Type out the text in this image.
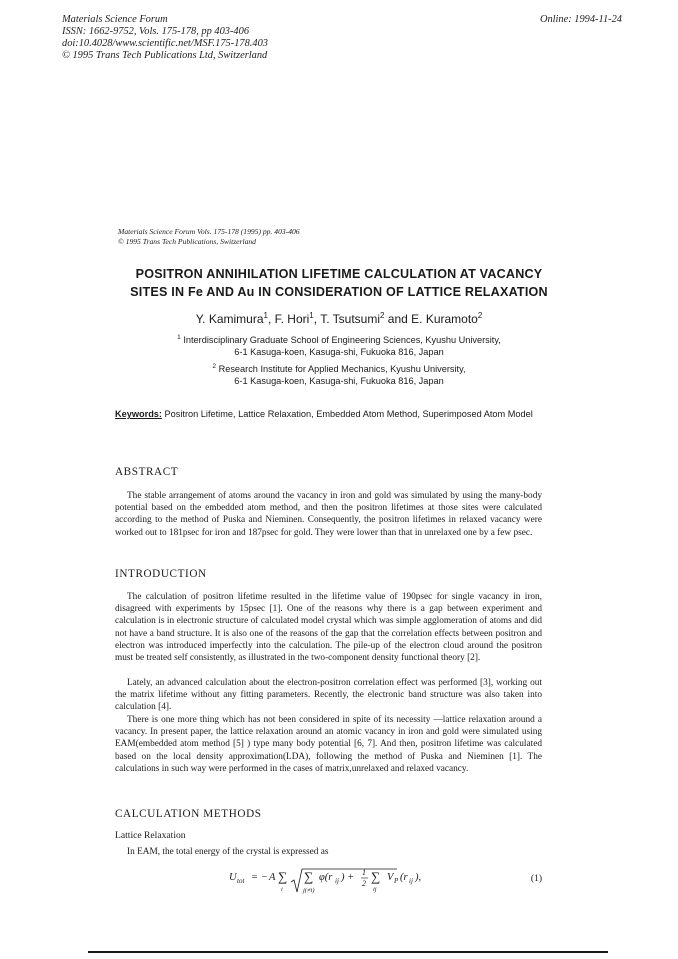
Materials Science Forum
ISSN: 1662-9752, Vols. 175-178, pp 403-406
doi:10.4028/www.scientific.net/MSF.175-178.403
© 1995 Trans Tech Publications Ltd, Switzerland
Online: 1994-11-24
Materials Science Forum Vols. 175-178 (1995) pp. 403-406
© 1995 Trans Tech Publications, Switzerland
POSITRON ANNIHILATION LIFETIME CALCULATION AT VACANCY
SITES IN Fe AND Au IN CONSIDERATION OF LATTICE RELAXATION
Y. Kamimura$^1$, F. Hori$^1$, T. Tsutsumi$^2$ and E. Kuramoto$^2$
$^1$ Interdisciplinary Graduate School of Engineering Sciences, Kyushu University,
6-1 Kasuga-koen, Kasuga-shi, Fukuoka 816, Japan
$^2$ Research Institute for Applied Mechanics, Kyushu University,
6-1 Kasuga-koen, Kasuga-shi, Fukuoka 816, Japan
Keywords: Positron Lifetime, Lattice Relaxation, Embedded Atom Method, Superimposed Atom Model
ABSTRACT
The stable arrangement of atoms around the vacancy in iron and gold was simulated by using the many-body potential based on the embedded atom method, and then the positron lifetimes at those sites were calculated according to the method of Puska and Nieminen. Consequently, the positron lifetimes in relaxed vacancy were worked out to 181psec for iron and 187psec for gold. They were lower than that in unrelaxed one by a few psec.
INTRODUCTION
The calculation of positron lifetime resulted in the lifetime value of 190psec for single vacancy in iron, disagreed with experiments by 15psec [1]. One of the reasons why there is a gap between experiment and calculation is in electronic structure of calculated model crystal which was simple agglomeration of atoms and did not have a band structure. It is also one of the reasons of the gap that the correlation effects between positron and electron was introduced imperfectly into the calculation. The pile-up of the electron cloud around the positron must be treated self consistently, as illustrated in the two-component density functional theory [2].
Lately, an advanced calculation about the electron-positron correlation effect was performed [3], working out the matrix lifetime without any fitting parameters. Recently, the electronic band structure was also taken into calculation [4].
There is one more thing which has not been considered in spite of its necessity —lattice relaxation around a vacancy. In present paper, the lattice relaxation around an atomic vacancy in iron and gold were simulated using EAM(embedded atom method [5] ) type many body potential [6, 7]. And then, positron lifetime was calculated based on the local density approximation(LDA), following the method of Puska and Nieminen [1]. The calculations in such way were performed in the cases of matrix,unrelaxed and relaxed vacancy.
CALCULATION METHODS
Lattice Relaxation
In EAM, the total energy of the crystal is expressed as
U tot = − A ∑
i
∑
j(≠i)
φ(r ij ) + 1
2 ∑
ij
V P (r ij ),	(1)
